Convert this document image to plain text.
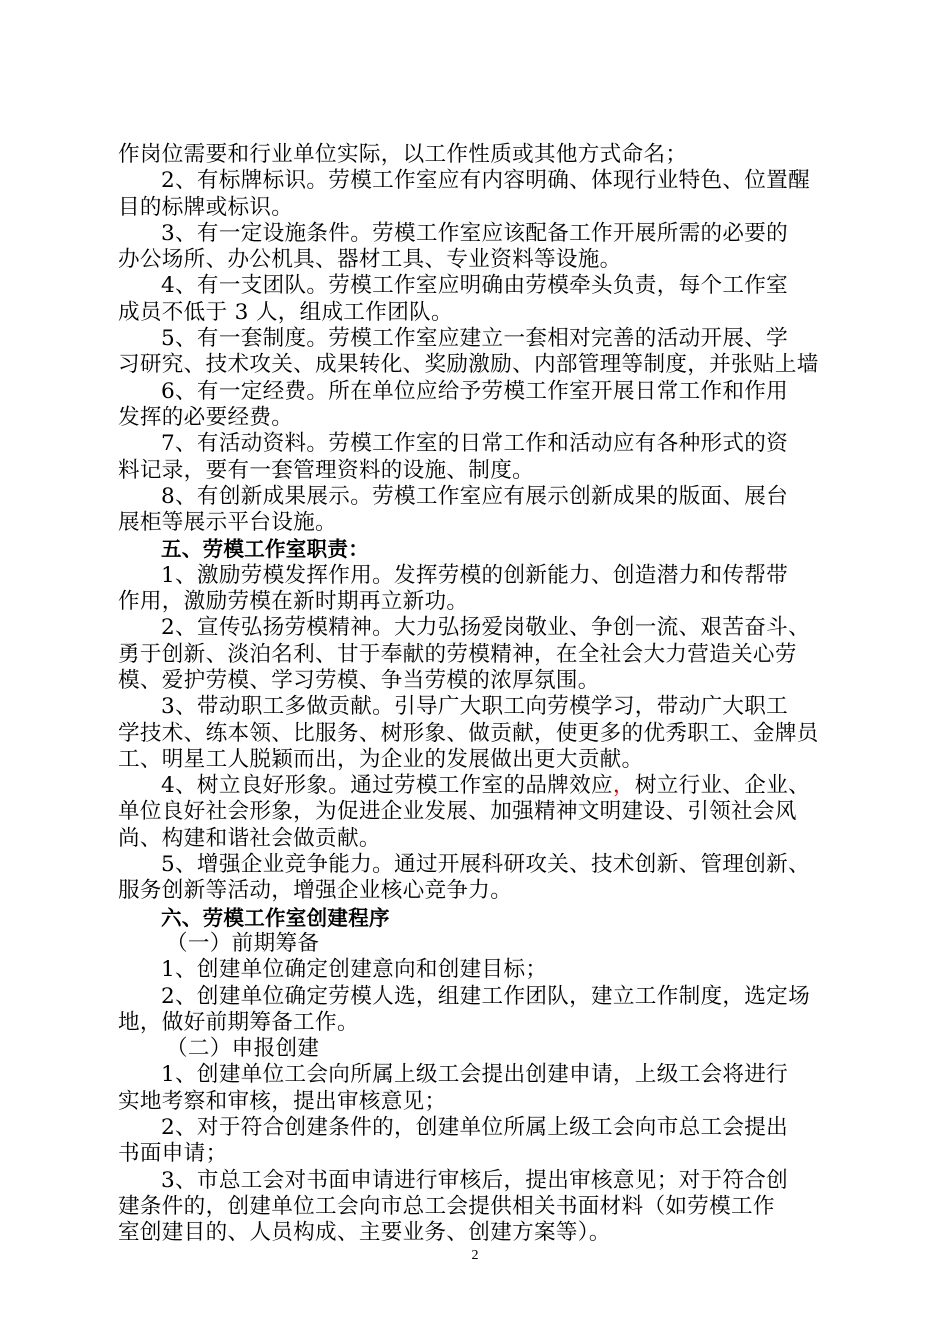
作岗位需要和行业单位实际，以工作性质或其他方式命名；
2、有标牌标识。劳模工作室应有内容明确、体现行业特色、位置醒
目的标牌或标识。
3、有一定设施条件。劳模工作室应该配备工作开展所需的必要的
办公场所、办公机具、器材工具、专业资料等设施。
4、有一支团队。劳模工作室应明确由劳模牵头负责，每个工作室
成员不低于 3 人，组成工作团队。
5、有一套制度。劳模工作室应建立一套相对完善的活动开展、学
习研究、技术攻关、成果转化、奖励激励、内部管理等制度，并张贴上墙
6、有一定经费。所在单位应给予劳模工作室开展日常工作和作用
发挥的必要经费。
7、有活动资料。劳模工作室的日常工作和活动应有各种形式的资
料记录，要有一套管理资料的设施、制度。
8、有创新成果展示。劳模工作室应有展示创新成果的版面、展台
展柜等展示平台设施。
五、劳模工作室职责：
1、激励劳模发挥作用。发挥劳模的创新能力、创造潜力和传帮带
作用，激励劳模在新时期再立新功。
2、宣传弘扬劳模精神。大力弘扬爱岗敬业、争创一流、艰苦奋斗、
勇于创新、淡泊名利、甘于奉献的劳模精神，在全社会大力营造关心劳
模、爱护劳模、学习劳模、争当劳模的浓厚氛围。
3、带动职工多做贡献。引导广大职工向劳模学习，带动广大职工
学技术、练本领、比服务、树形象、做贡献，使更多的优秀职工、金牌员
工、明星工人脱颖而出，为企业的发展做出更大贡献。
4、树立良好形象。通过劳模工作室的品牌效应，树立行业、企业、
单位良好社会形象，为促进企业发展、加强精神文明建设、引领社会风
尚、构建和谐社会做贡献。
5、增强企业竞争能力。通过开展科研攻关、技术创新、管理创新、
服务创新等活动，增强企业核心竞争力。
六、劳模工作室创建程序
（一）前期筹备
1、创建单位确定创建意向和创建目标；
2、创建单位确定劳模人选，组建工作团队，建立工作制度，选定场
地，做好前期筹备工作。
（二）申报创建
1、创建单位工会向所属上级工会提出创建申请，上级工会将进行
实地考察和审核，提出审核意见；
2、对于符合创建条件的，创建单位所属上级工会向市总工会提出
书面申请；
3、市总工会对书面申请进行审核后，提出审核意见；对于符合创
建条件的，创建单位工会向市总工会提供相关书面材料（如劳模工作
室创建目的、人员构成、主要业务、创建方案等）。
2
